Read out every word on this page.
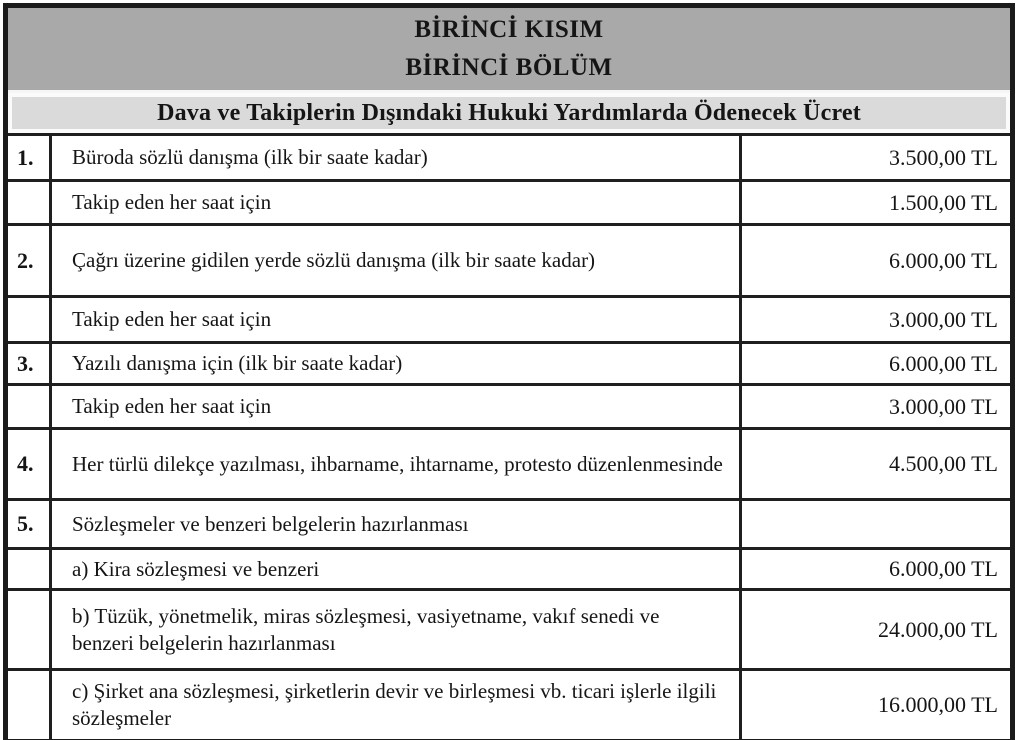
BİRİNCİ KISIM
BİRİNCİ BÖLÜM		

Dava ve Takiplerin Dışındaki Hukuki Yardımlarda Ödenecek Ücret		
1.	Büroda sözlü danışma (ilk bir saate kadar)	3.500,00 TL
	Takip eden her saat için	1.500,00 TL
2.	Çağrı üzerine gidilen yerde sözlü danışma (ilk bir saate kadar)	6.000,00 TL
	Takip eden her saat için	3.000,00 TL
3.	Yazılı danışma için (ilk bir saate kadar)	6.000,00 TL
	Takip eden her saat için	3.000,00 TL
4.	Her türlü dilekçe yazılması, ihbarname, ihtarname, protesto düzenlenmesinde	4.500,00 TL
5.	Sözleşmeler ve benzeri belgelerin hazırlanması	
	a) Kira sözleşmesi ve benzeri	6.000,00 TL
	b) Tüzük, yönetmelik, miras sözleşmesi, vasiyetname, vakıf senedi ve benzeri belgelerin hazırlanması	24.000,00 TL
	c) Şirket ana sözleşmesi, şirketlerin devir ve birleşmesi vb. ticari işlerle ilgili sözleşmeler	16.000,00 TL
